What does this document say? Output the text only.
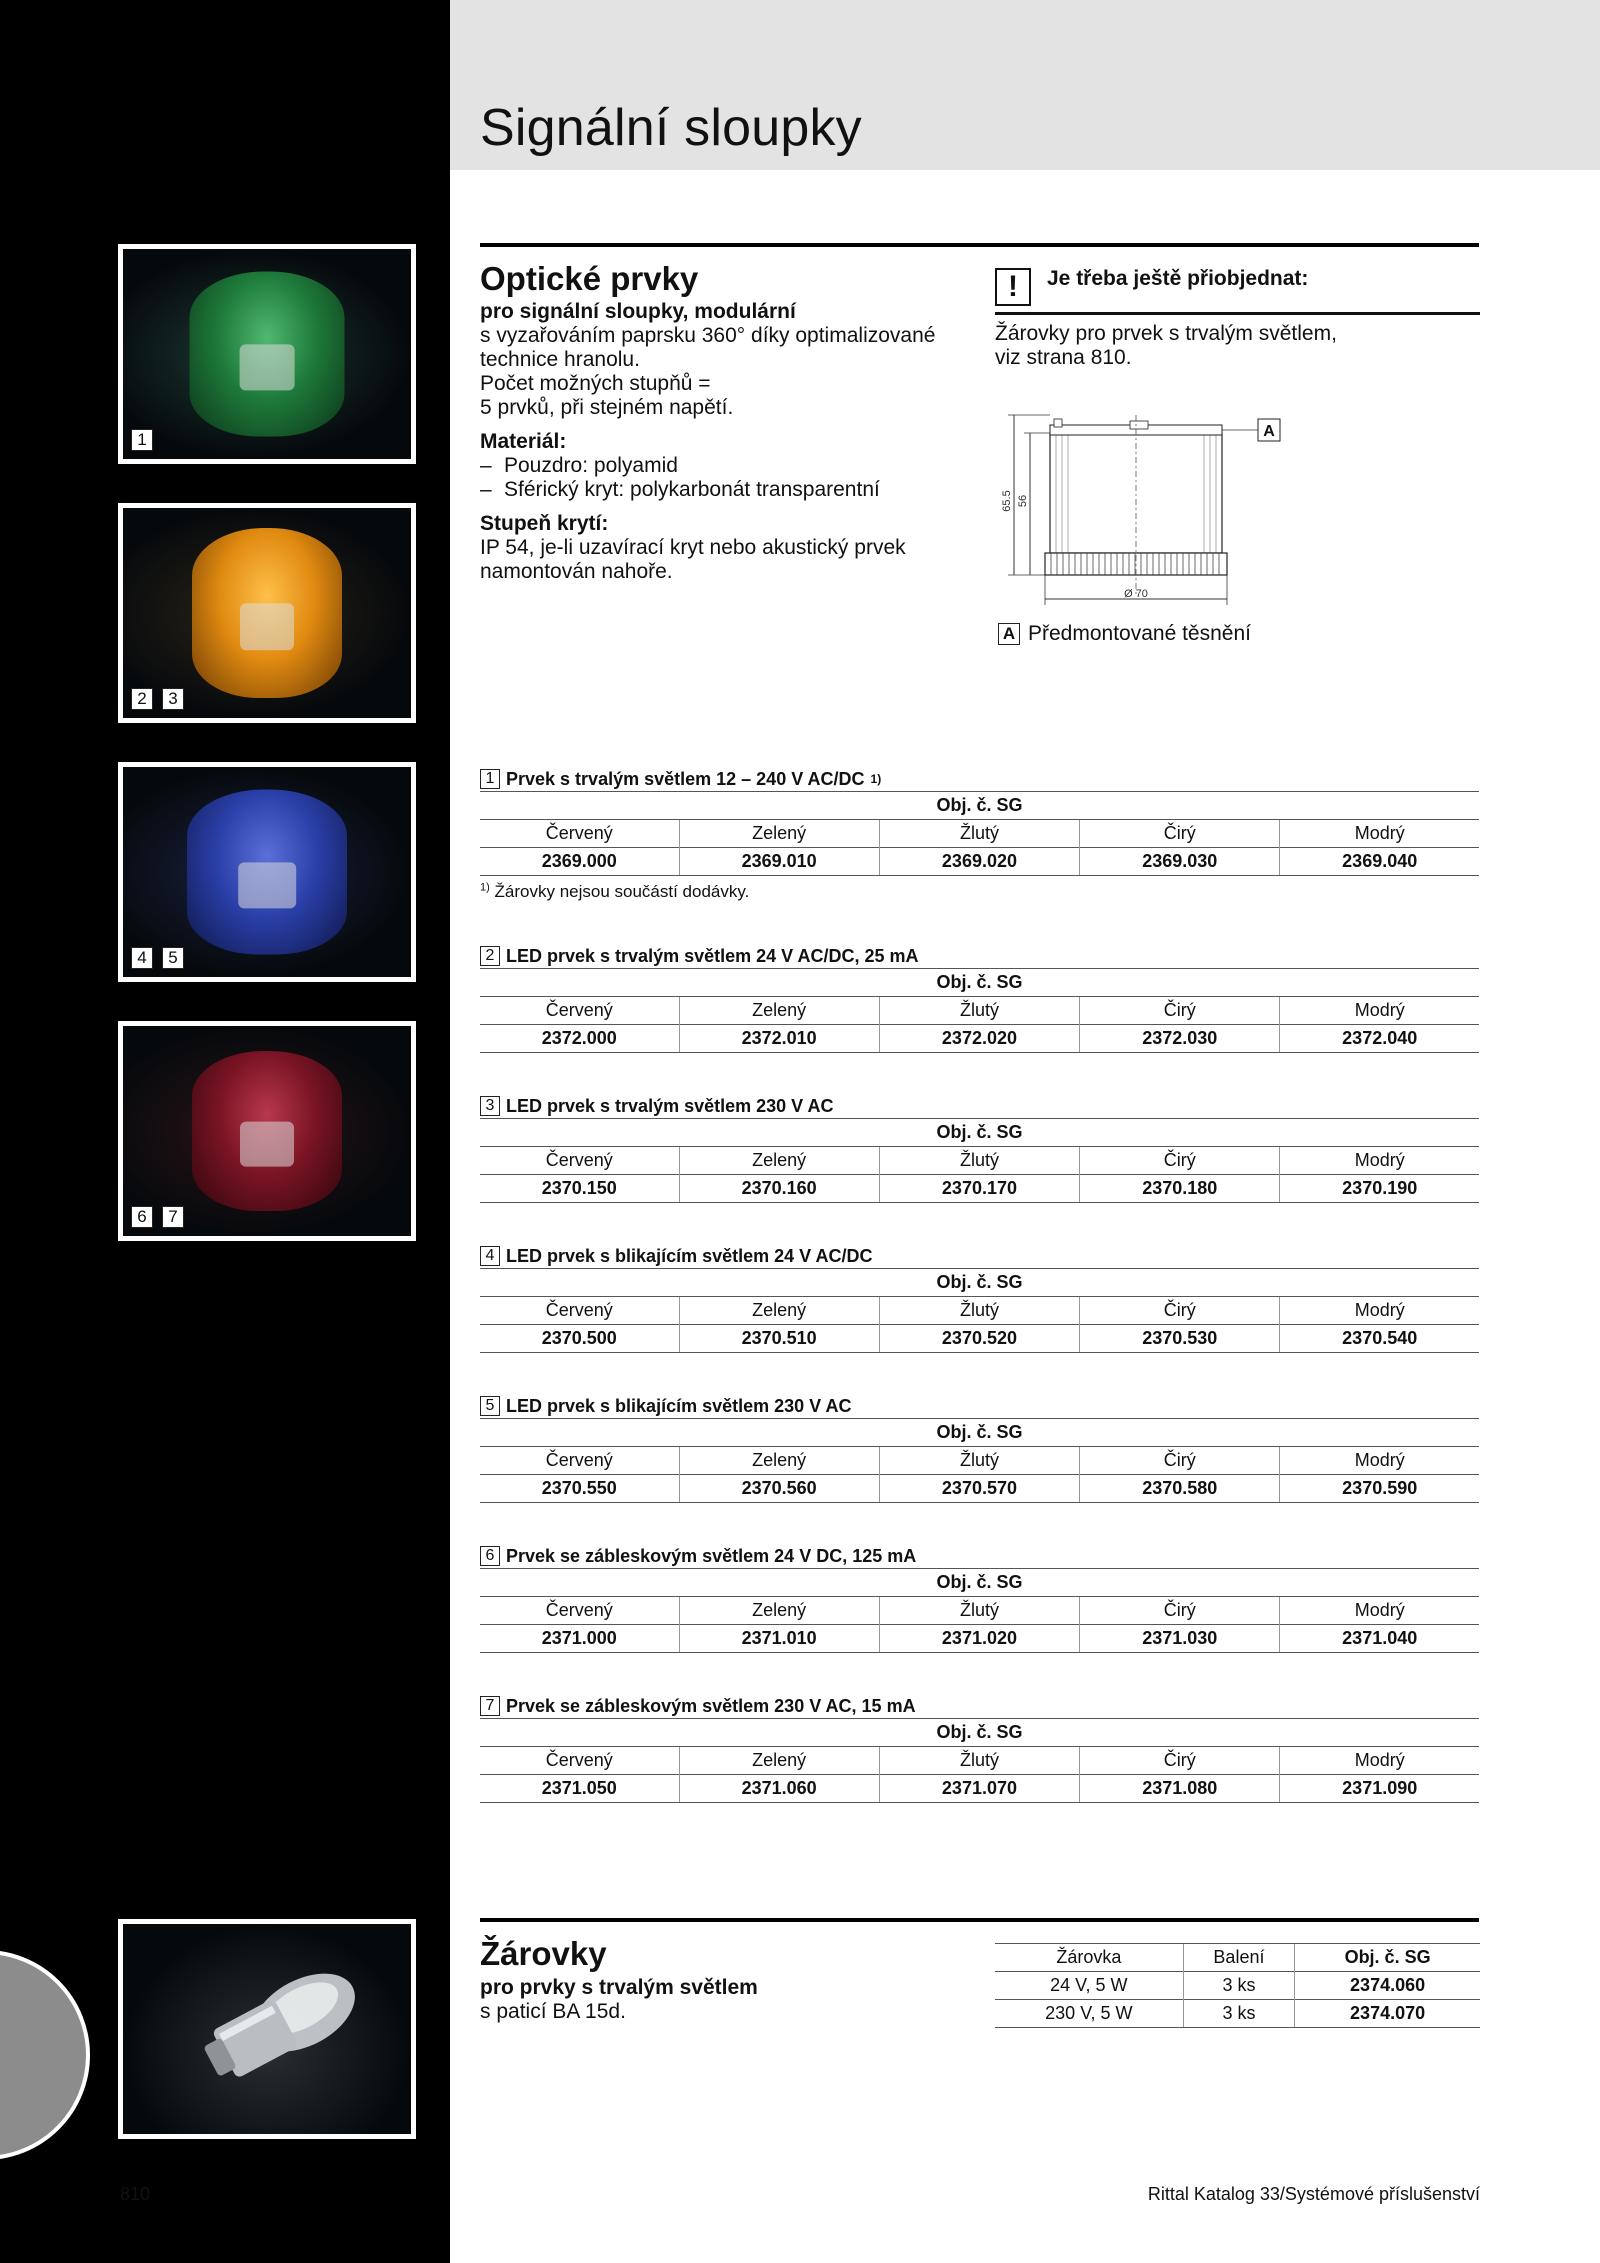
Signální sloupky
1
2	3
4	5
6	7
Optické prvky
pro signální sloupky, modulární

s vyzařováním paprsku 360° díky optimalizované

technice hranolu.

Počet možných stupňů =

5 prvků, při stejném napětí.

Materiál:

– Pouzdro: polyamid

– Sférický kryt: polykarbonát transparentní

Stupeň krytí:

IP 54, je-li uzavírací kryt nebo akustický prvek

namontován nahoře.

!	Je třeba ještě přiobjednat:
Žárovky pro prvek s trvalým světlem,
viz strana 810.
65.5 56
Ø 70
A
A Předmontované těsnění
1 Prvek s trvalým světlem 12 – 240 V AC/DC 1)
Obj. č. SG				
Červený	Zelený	Žlutý	Čirý	Modrý
2369.000	2369.010	2369.020	2369.030	2369.040
$^{1)}$ Žárovky nejsou součástí dodávky.
2 LED prvek s trvalým světlem 24 V AC/DC, 25 mA
Obj. č. SG				
Červený	Zelený	Žlutý	Čirý	Modrý
2372.000	2372.010	2372.020	2372.030	2372.040
3 LED prvek s trvalým světlem 230 V AC
Obj. č. SG				
Červený	Zelený	Žlutý	Čirý	Modrý
2370.150	2370.160	2370.170	2370.180	2370.190
4 LED prvek s blikajícím světlem 24 V AC/DC
Obj. č. SG				
Červený	Zelený	Žlutý	Čirý	Modrý
2370.500	2370.510	2370.520	2370.530	2370.540
5 LED prvek s blikajícím světlem 230 V AC
Obj. č. SG				
Červený	Zelený	Žlutý	Čirý	Modrý
2370.550	2370.560	2370.570	2370.580	2370.590
6 Prvek se zábleskovým světlem 24 V DC, 125 mA
Obj. č. SG				
Červený	Zelený	Žlutý	Čirý	Modrý
2371.000	2371.010	2371.020	2371.030	2371.040
7 Prvek se zábleskovým světlem 230 V AC, 15 mA
Obj. č. SG				
Červený	Zelený	Žlutý	Čirý	Modrý
2371.050	2371.060	2371.070	2371.080	2371.090
Žárovky
pro prvky s trvalým světlem
s paticí BA 15d.
Žárovka	Balení	Obj. č. SG
24 V, 5 W	3 ks	2374.060
230 V, 5 W	3 ks	2374.070
810	Rittal Katalog 33/Systémové příslušenství
